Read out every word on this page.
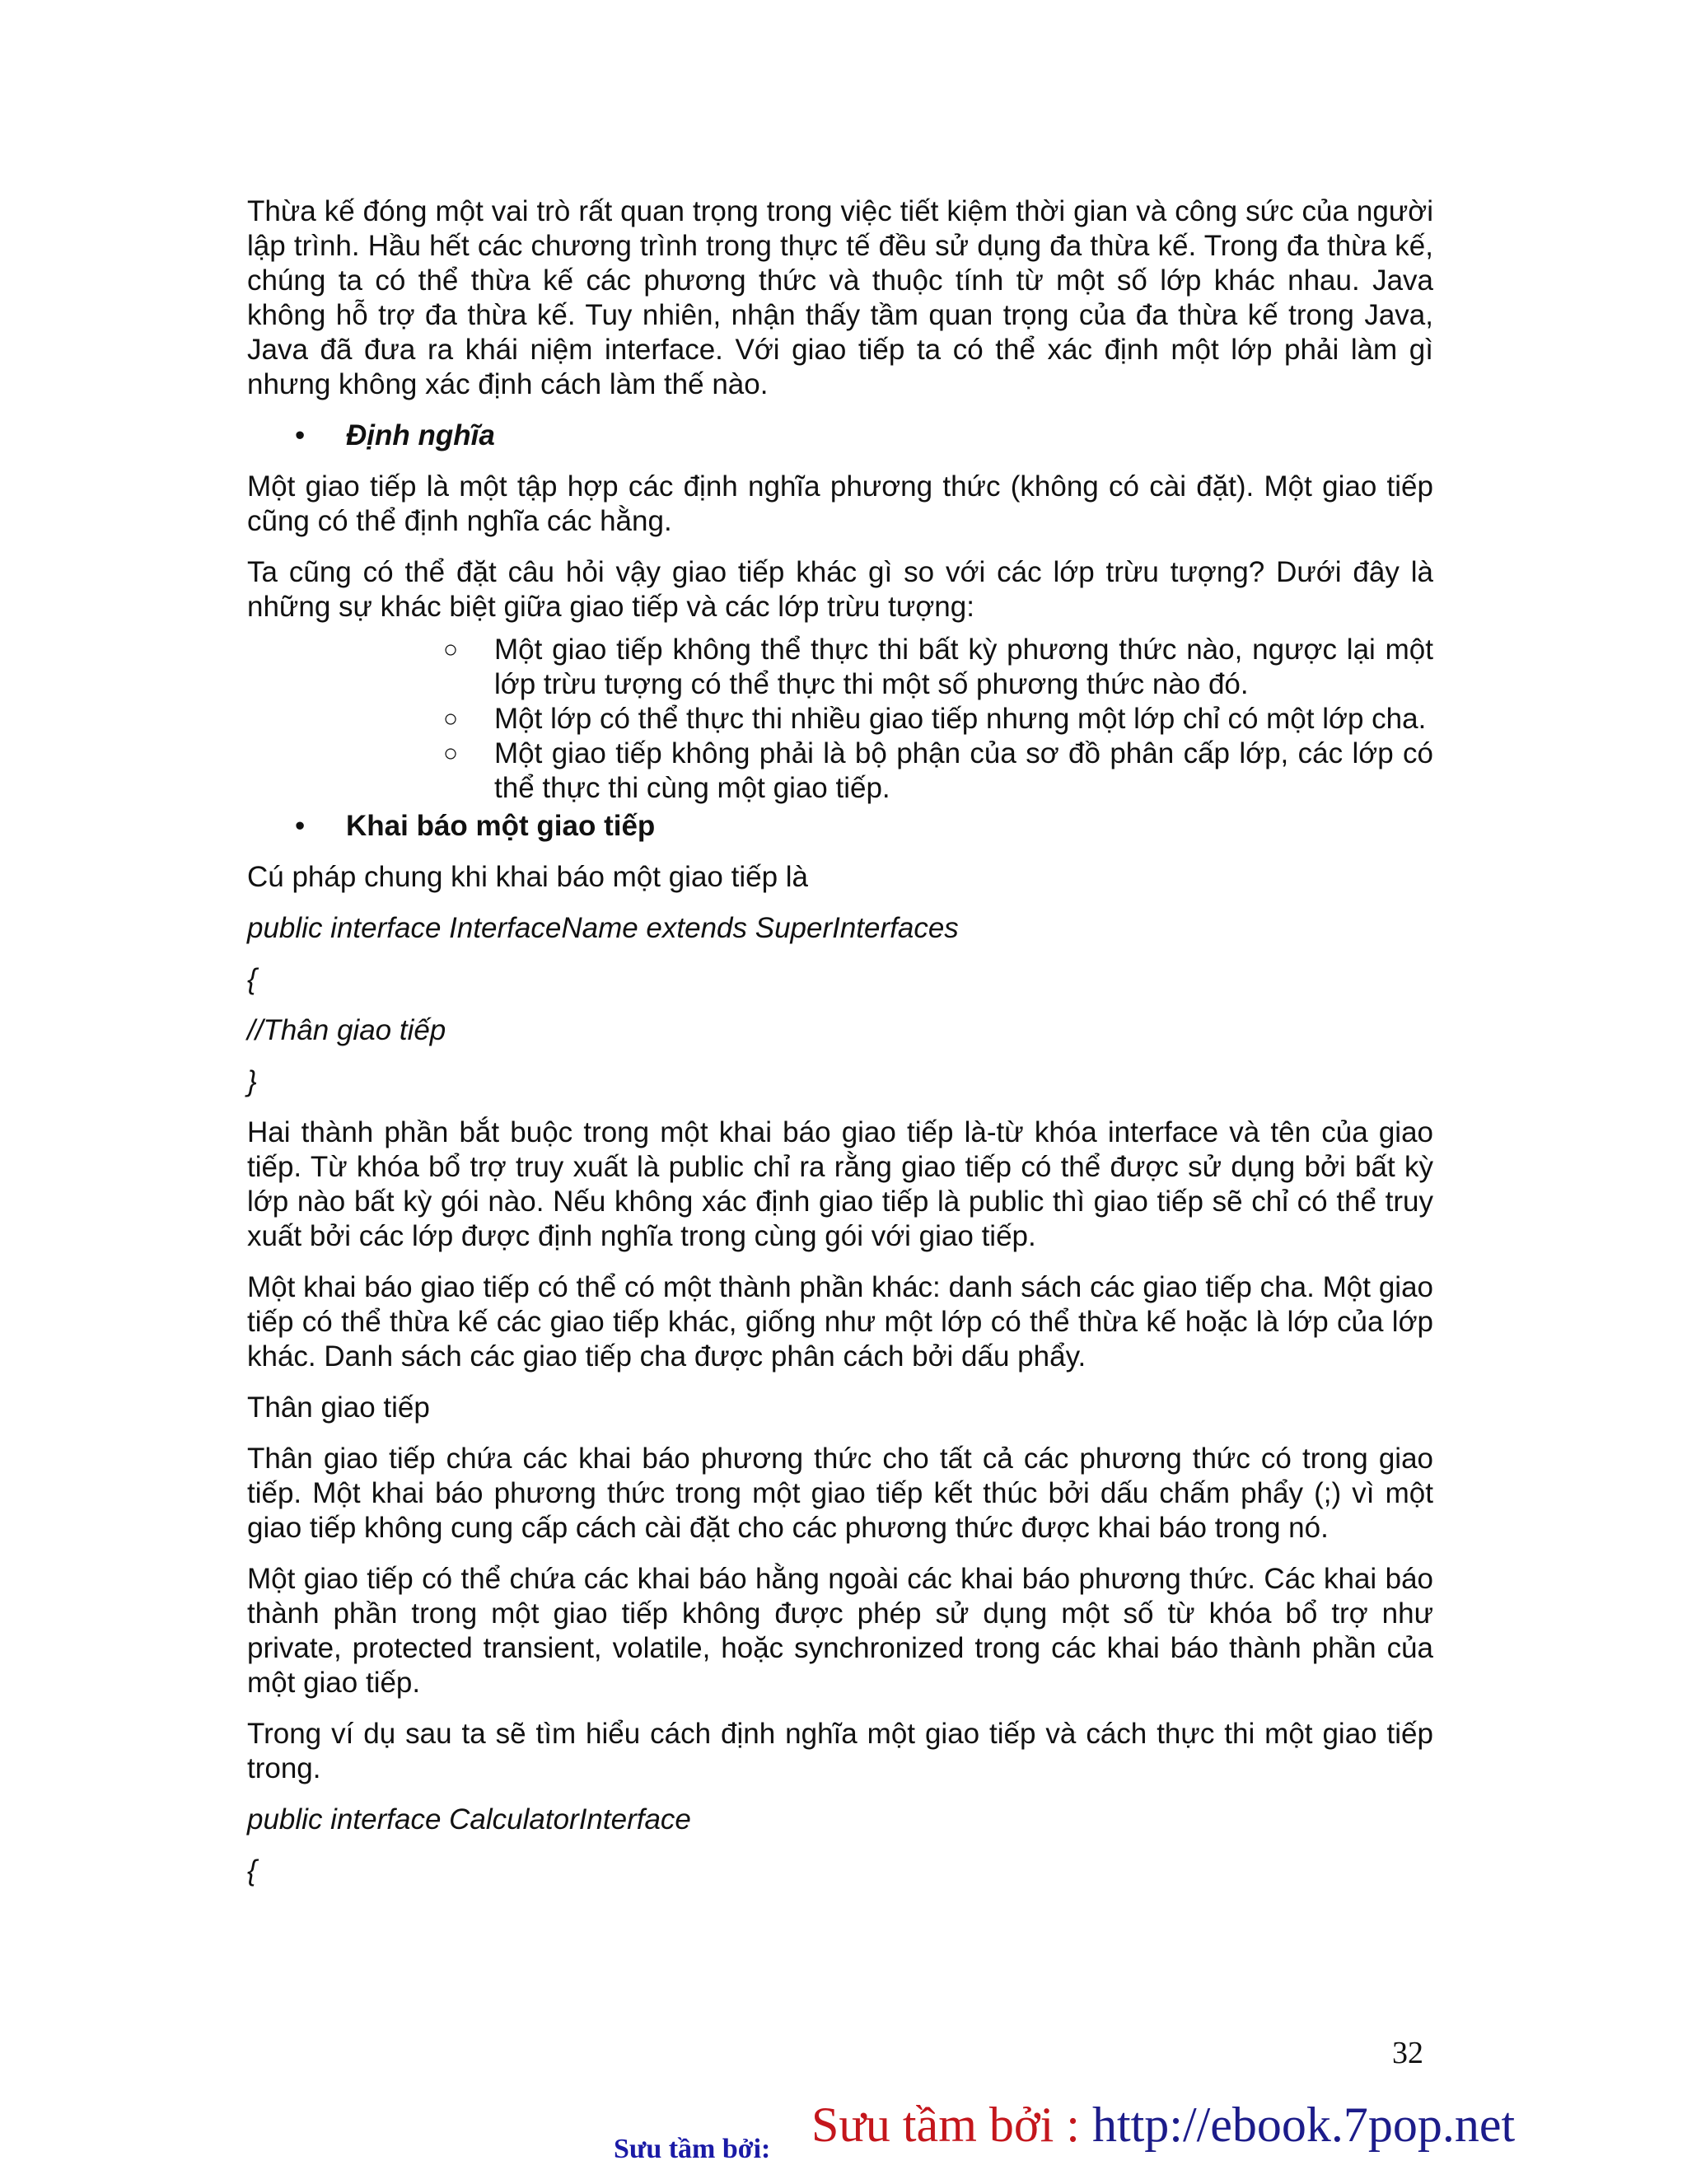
Thừa kế đóng một vai trò rất quan trọng trong việc tiết kiệm thời gian và công sức của người lập trình. Hầu hết các chương trình trong thực tế đều sử dụng đa thừa kế. Trong đa thừa kế, chúng ta có thể thừa kế các phương thức và thuộc tính từ một số lớp khác nhau. Java không hỗ trợ đa thừa kế. Tuy nhiên, nhận thấy tầm quan trọng của đa thừa kế trong Java, Java đã đưa ra khái niệm interface. Với giao tiếp ta có thể xác định một lớp phải làm gì nhưng không xác định cách làm thế nào.

• Định nghĩa

Một giao tiếp là một tập hợp các định nghĩa phương thức (không có cài đặt). Một giao tiếp cũng có thể định nghĩa các hằng.

Ta cũng có thể đặt câu hỏi vậy giao tiếp khác gì so với các lớp trừu tượng? Dưới đây là những sự khác biệt giữa giao tiếp và các lớp trừu tượng:

○ Một giao tiếp không thể thực thi bất kỳ phương thức nào, ngược lại một lớp trừu tượng có thể thực thi một số phương thức nào đó.
○ Một lớp có thể thực thi nhiều giao tiếp nhưng một lớp chỉ có một lớp cha.
○ Một giao tiếp không phải là bộ phận của sơ đồ phân cấp lớp, các lớp có thể thực thi cùng một giao tiếp.
• Khai báo một giao tiếp

Cú pháp chung khi khai báo một giao tiếp là

public interface InterfaceName extends SuperInterfaces
{
//Thân giao tiếp
}

Hai thành phần bắt buộc trong một khai báo giao tiếp là-từ khóa interface và tên của giao tiếp. Từ khóa bổ trợ truy xuất là public chỉ ra rằng giao tiếp có thể được sử dụng bởi bất kỳ lớp nào bất kỳ gói nào. Nếu không xác định giao tiếp là public thì giao tiếp sẽ chỉ có thể truy xuất bởi các lớp được định nghĩa trong cùng gói với giao tiếp.

Một khai báo giao tiếp có thể có một thành phần khác: danh sách các giao tiếp cha. Một giao tiếp có thể thừa kế các giao tiếp khác, giống như một lớp có thể thừa kế hoặc là lớp của lớp khác. Danh sách các giao tiếp cha được phân cách bởi dấu phẩy.

Thân giao tiếp

Thân giao tiếp chứa các khai báo phương thức cho tất cả các phương thức có trong giao tiếp. Một khai báo phương thức trong một giao tiếp kết thúc bởi dấu chấm phẩy (;) vì một giao tiếp không cung cấp cách cài đặt cho các phương thức được khai báo trong nó.

Một giao tiếp có thể chứa các khai báo hằng ngoài các khai báo phương thức. Các khai báo thành phần trong một giao tiếp không được phép sử dụng một số từ khóa bổ trợ như private, protected transient, volatile, hoặc synchronized trong các khai báo thành phần của một giao tiếp.

Trong ví dụ sau ta sẽ tìm hiểu cách định nghĩa một giao tiếp và cách thực thi một giao tiếp trong.

public interface CalculatorInterface
{
32
Sưu tầm bởi : http://ebook.7pop.net
Sưu tầm bởi:
